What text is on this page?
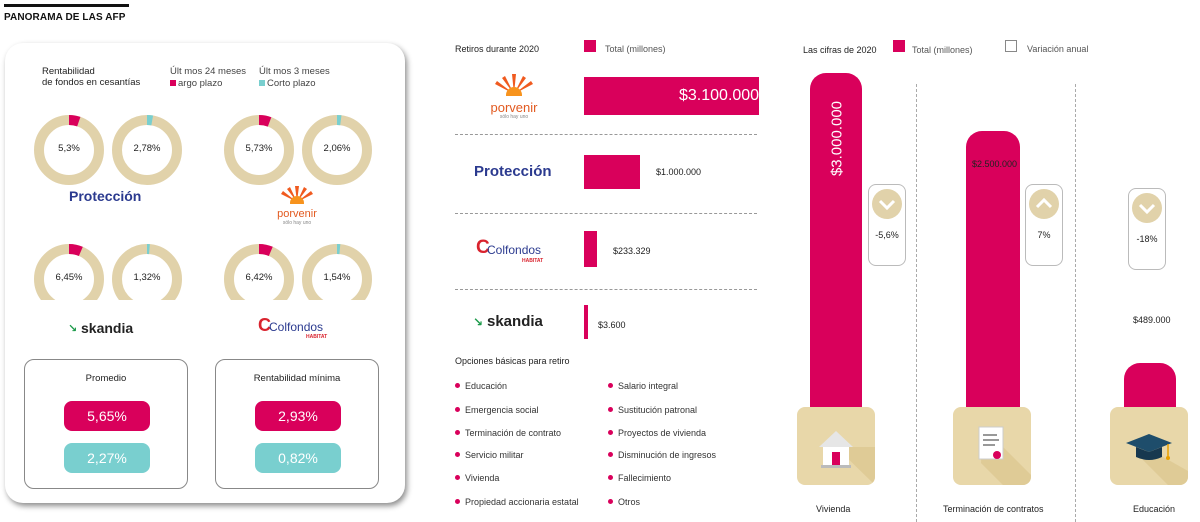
PANORAMA DE LAS AFP
Rentabilidad
de fondos en cesantías
Últ mos 24 meses
argo plazo
Últ mos 3 meses
Corto plazo
5,3%	2,78%	5,73%	2,06%
6,45%	1,32%	6,42%	1,54%
Protección
porvenir
sólo hay uno
↘ skandia	C
Colfondos
HABITAT
Promedio
5,65%
2,27%
Rentabilidad mínima
2,93%
0,82%
Retiros durante 2020	Total (millones)
porvenir
sólo hay uno
Protección
C
Colfondos
HABITAT
↘ skandia
$3.100.000
$1.000.000
$233.329
$3.600
Opciones básicas para retiro
Educación
Emergencia social
Terminación de contrato
Servicio militar
Vivienda
Propiedad accionaria estatal
Salario integral
Sustitución patronal
Proyectos de vivienda
Disminución de ingresos
Fallecimiento
Otros
Las cifras de 2020	Total (millones)	Variación anual
$3.000.000	$2.500.000
$489.000
-5,6%	7%	-18%
Vivienda	Terminación de contratos	Educación
